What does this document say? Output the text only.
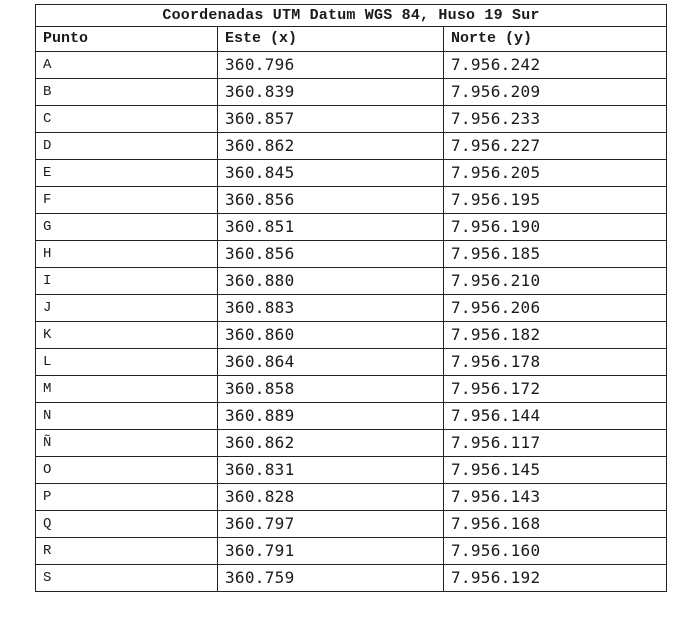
Coordenadas UTM Datum WGS 84, Huso 19 Sur		
Punto	Este (x)	Norte (y)
A	360.796	7.956.242
B	360.839	7.956.209
C	360.857	7.956.233
D	360.862	7.956.227
E	360.845	7.956.205
F	360.856	7.956.195
G	360.851	7.956.190
H	360.856	7.956.185
I	360.880	7.956.210
J	360.883	7.956.206
K	360.860	7.956.182
L	360.864	7.956.178
M	360.858	7.956.172
N	360.889	7.956.144
Ñ	360.862	7.956.117
O	360.831	7.956.145
P	360.828	7.956.143
Q	360.797	7.956.168
R	360.791	7.956.160
S	360.759	7.956.192
